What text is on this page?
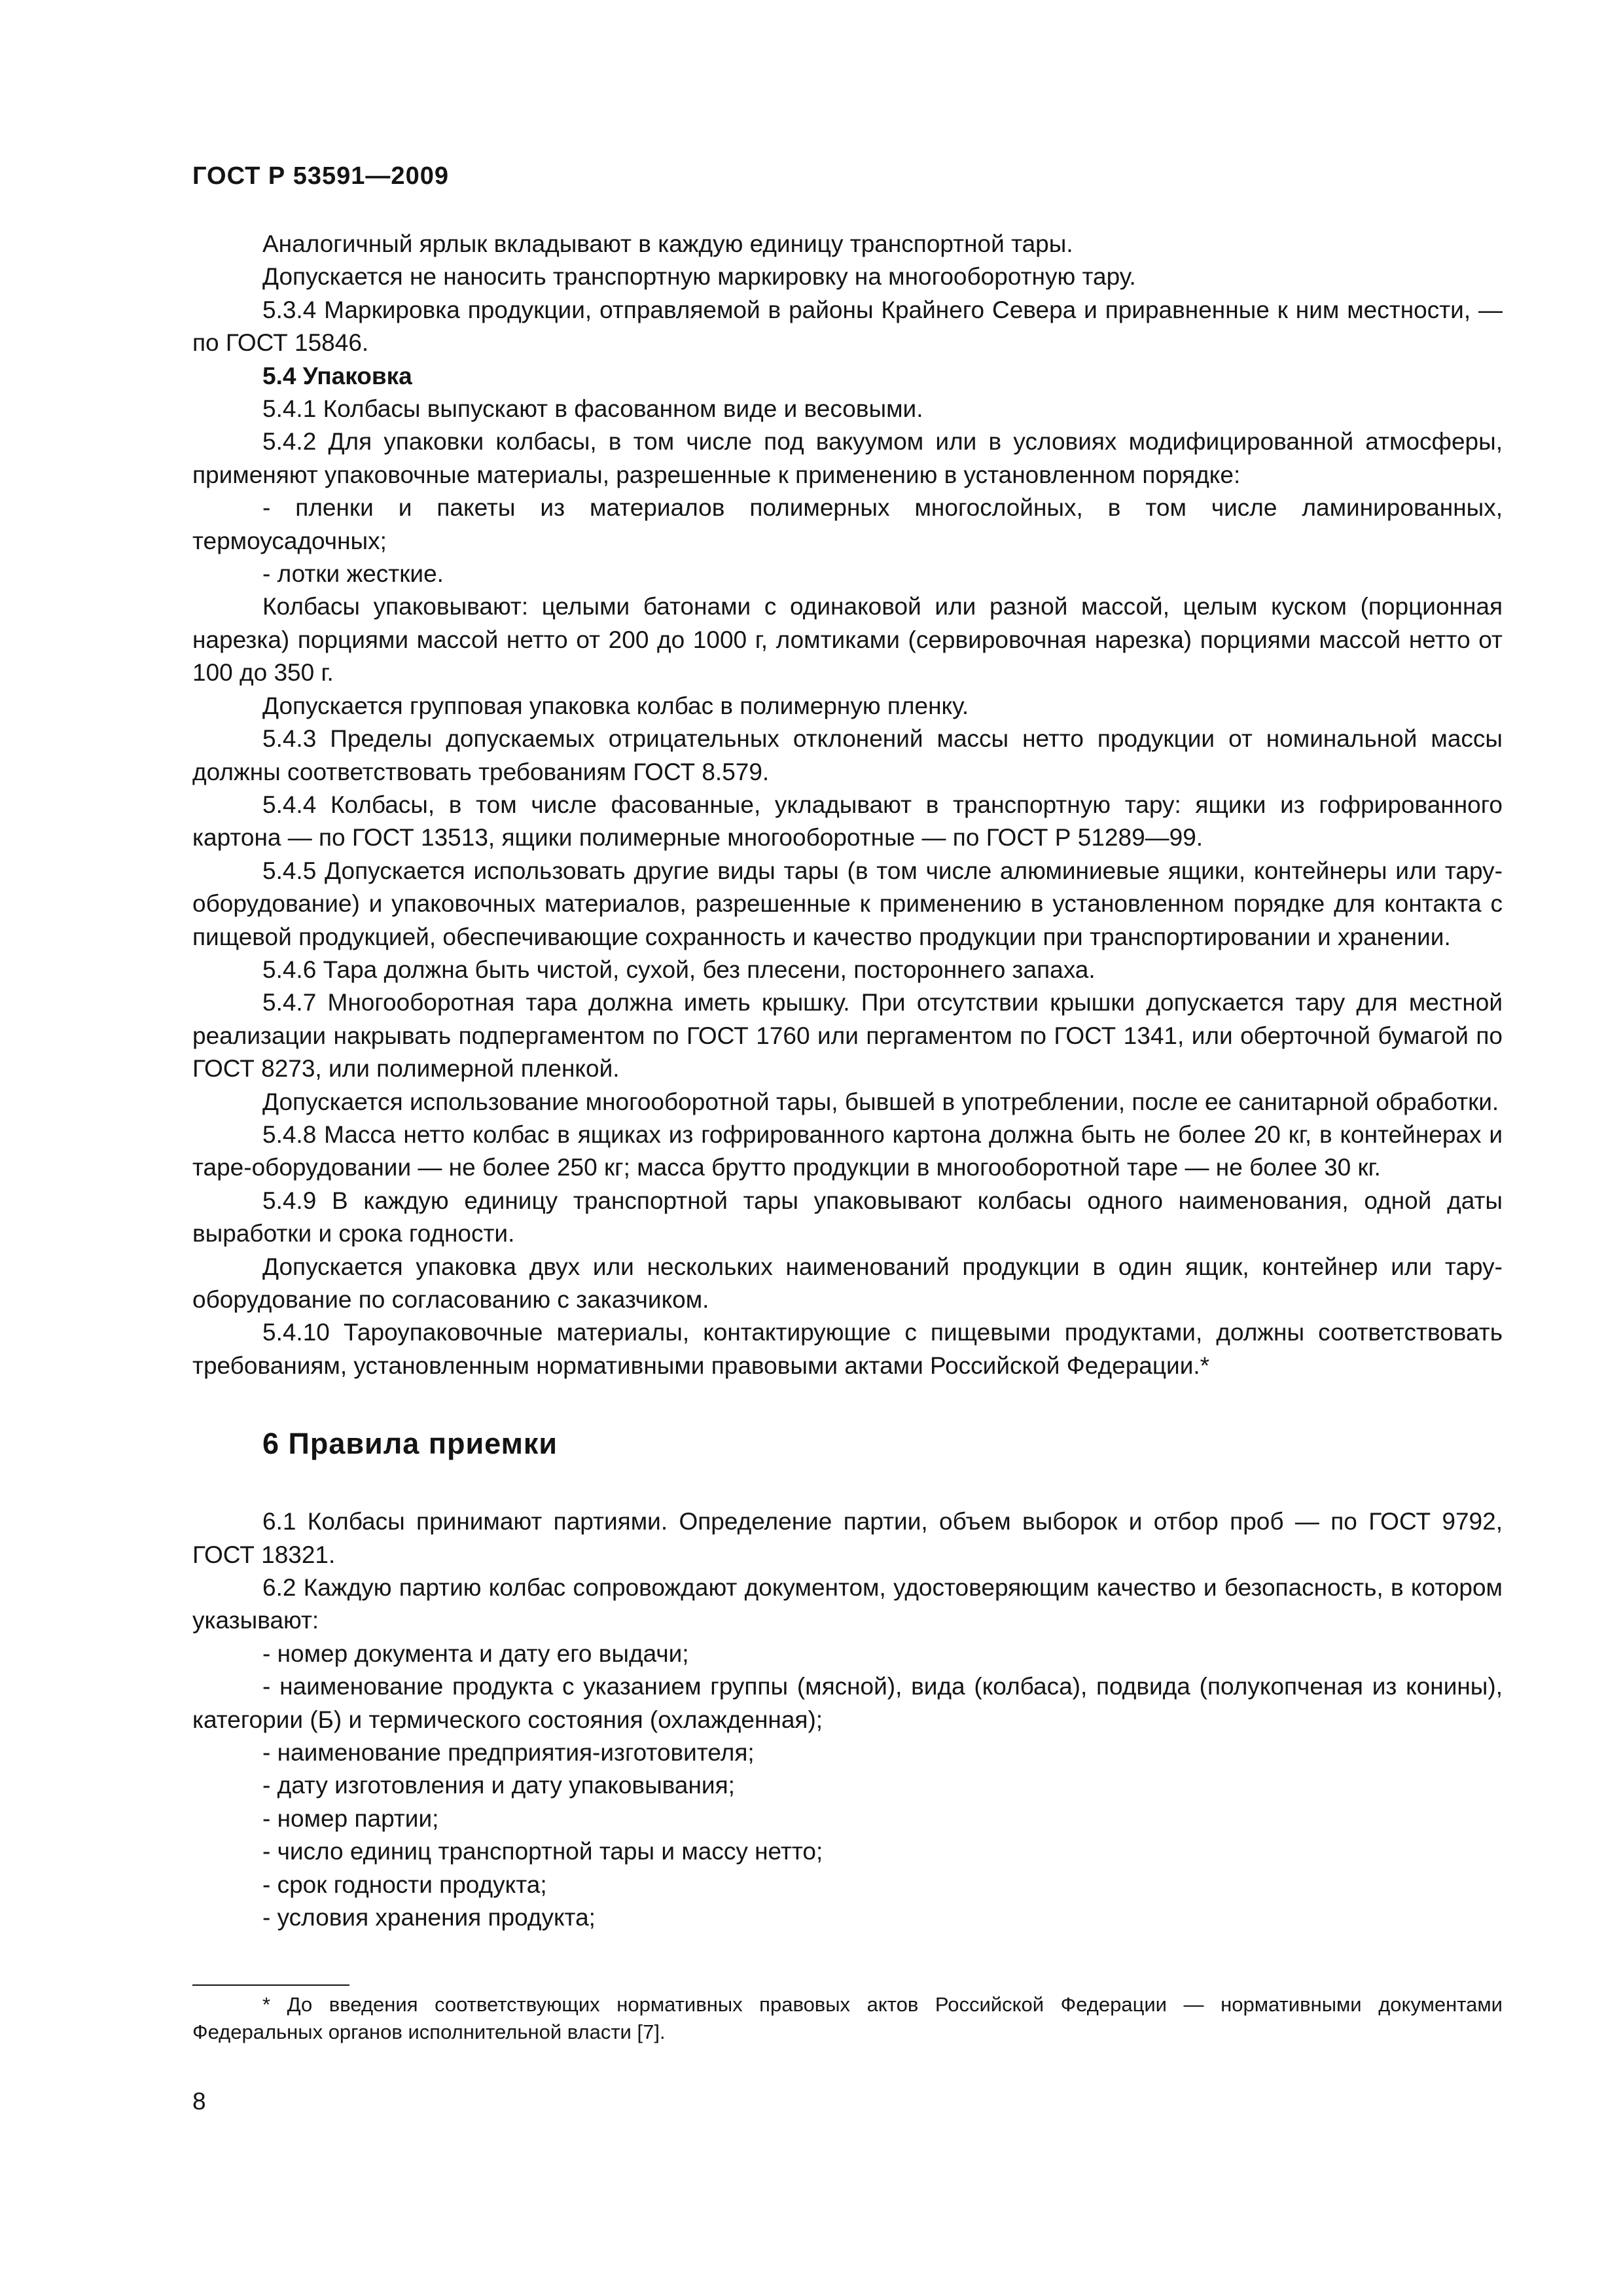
ГОСТ Р 53591—2009

Аналогичный ярлык вкладывают в каждую единицу транспортной тары.

Допускается не наносить транспортную маркировку на многооборотную тару.

5.3.4 Маркировка продукции, отправляемой в районы Крайнего Севера и приравненные к ним местности, — по ГОСТ 15846.

5.4 Упаковка

5.4.1 Колбасы выпускают в фасованном виде и весовыми.

5.4.2 Для упаковки колбасы, в том числе под вакуумом или в условиях модифицированной атмосферы, применяют упаковочные материалы, разрешенные к применению в установленном порядке:

- пленки и пакеты из материалов полимерных многослойных, в том числе ламинированных, термоусадочных;

- лотки жесткие.

Колбасы упаковывают: целыми батонами с одинаковой или разной массой, целым куском (порционная нарезка) порциями массой нетто от 200 до 1000 г, ломтиками (сервировочная нарезка) порциями массой нетто от 100 до 350 г.

Допускается групповая упаковка колбас в полимерную пленку.

5.4.3 Пределы допускаемых отрицательных отклонений массы нетто продукции от номинальной массы должны соответствовать требованиям ГОСТ 8.579.

5.4.4 Колбасы, в том числе фасованные, укладывают в транспортную тару: ящики из гофрированного картона — по ГОСТ 13513, ящики полимерные многооборотные — по ГОСТ Р 51289—99.

5.4.5 Допускается использовать другие виды тары (в том числе алюминиевые ящики, контейнеры или тару-оборудование) и упаковочных материалов, разрешенные к применению в установленном порядке для контакта с пищевой продукцией, обеспечивающие сохранность и качество продукции при транспортировании и хранении.

5.4.6 Тара должна быть чистой, сухой, без плесени, постороннего запаха.

5.4.7 Многооборотная тара должна иметь крышку. При отсутствии крышки допускается тару для местной реализации накрывать подпергаментом по ГОСТ 1760 или пергаментом по ГОСТ 1341, или оберточной бумагой по ГОСТ 8273, или полимерной пленкой.

Допускается использование многооборотной тары, бывшей в употреблении, после ее санитарной обработки.

5.4.8 Масса нетто колбас в ящиках из гофрированного картона должна быть не более 20 кг, в контейнерах и таре-оборудовании — не более 250 кг; масса брутто продукции в многооборотной таре — не более 30 кг.

5.4.9 В каждую единицу транспортной тары упаковывают колбасы одного наименования, одной даты выработки и срока годности.

Допускается упаковка двух или нескольких наименований продукции в один ящик, контейнер или тару-оборудование по согласованию с заказчиком.

5.4.10 Тароупаковочные материалы, контактирующие с пищевыми продуктами, должны соответствовать требованиям, установленным нормативными правовыми актами Российской Федерации.*

6 Правила приемки

6.1 Колбасы принимают партиями. Определение партии, объем выборок и отбор проб — по ГОСТ 9792, ГОСТ 18321.

6.2 Каждую партию колбас сопровождают документом, удостоверяющим качество и безопасность, в котором указывают:

- номер документа и дату его выдачи;

- наименование продукта с указанием группы (мясной), вида (колбаса), подвида (полукопченая из конины), категории (Б) и термического состояния (охлажденная);

- наименование предприятия-изготовителя;

- дату изготовления и дату упаковывания;

- номер партии;

- число единиц транспортной тары и массу нетто;

- срок годности продукта;

- условия хранения продукта;

* До введения соответствующих нормативных правовых актов Российской Федерации — нормативными документами Федеральных органов исполнительной власти [7].
8
